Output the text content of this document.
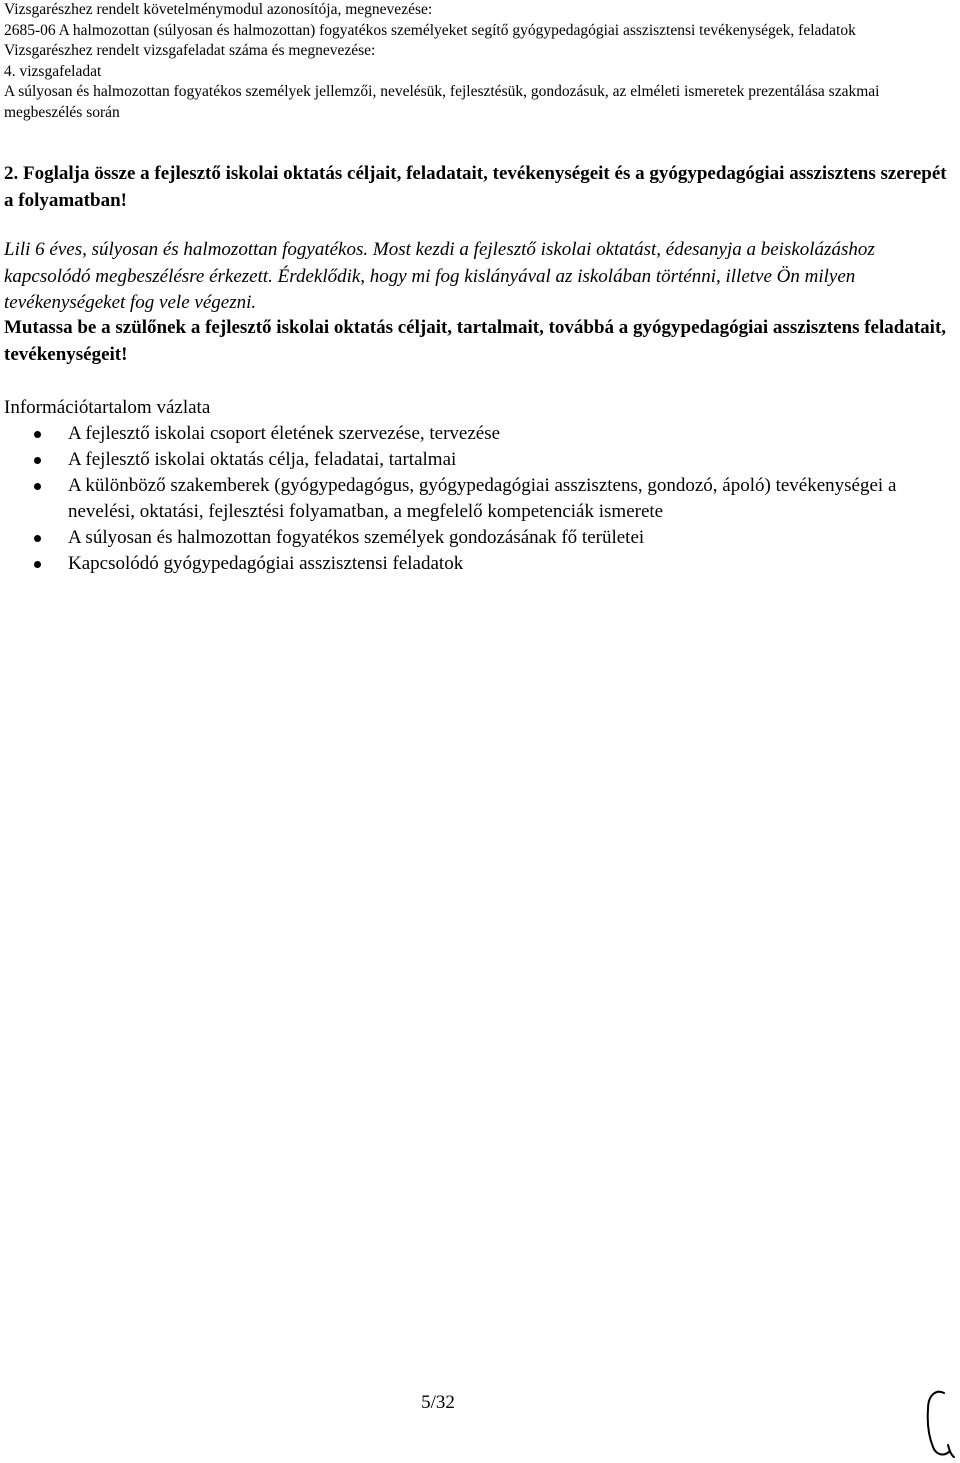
Vizsgarészhez rendelt követelménymodul azonosítója, megnevezése:
2685-06 A halmozottan (súlyosan és halmozottan) fogyatékos személyeket segítő gyógypedagógiai asszisztensi tevékenységek, feladatok
Vizsgarészhez rendelt vizsgafeladat száma és megnevezése:
4. vizsgafeladat
A súlyosan és halmozottan fogyatékos személyek jellemzői, nevelésük, fejlesztésük, gondozásuk, az elméleti ismeretek prezentálása szakmai megbeszélés során
2. Foglalja össze a fejlesztő iskolai oktatás céljait, feladatait, tevékenységeit és a gyógypedagógiai asszisztens szerepét a folyamatban!
Lili 6 éves, súlyosan és halmozottan fogyatékos. Most kezdi a fejlesztő iskolai oktatást, édesanyja a beiskolázáshoz kapcsolódó megbeszélésre érkezett. Érdeklődik, hogy mi fog kislányával az iskolában történni, illetve Ön milyen tevékenységeket fog vele végezni.
Mutassa be a szülőnek a fejlesztő iskolai oktatás céljait, tartalmait, továbbá a gyógypedagógiai asszisztens feladatait, tevékenységeit!

Információtartalom vázlata

A fejlesztő iskolai csoport életének szervezése, tervezése
A fejlesztő iskolai oktatás célja, feladatai, tartalmai
A különböző szakemberek (gyógypedagógus, gyógypedagógiai asszisztens, gondozó, ápoló) tevékenységei a nevelési, oktatási, fejlesztési folyamatban, a megfelelő kompetenciák ismerete
A súlyosan és halmozottan fogyatékos személyek gondozásának fő területei
Kapcsolódó gyógypedagógiai asszisztensi feladatok
5/32
